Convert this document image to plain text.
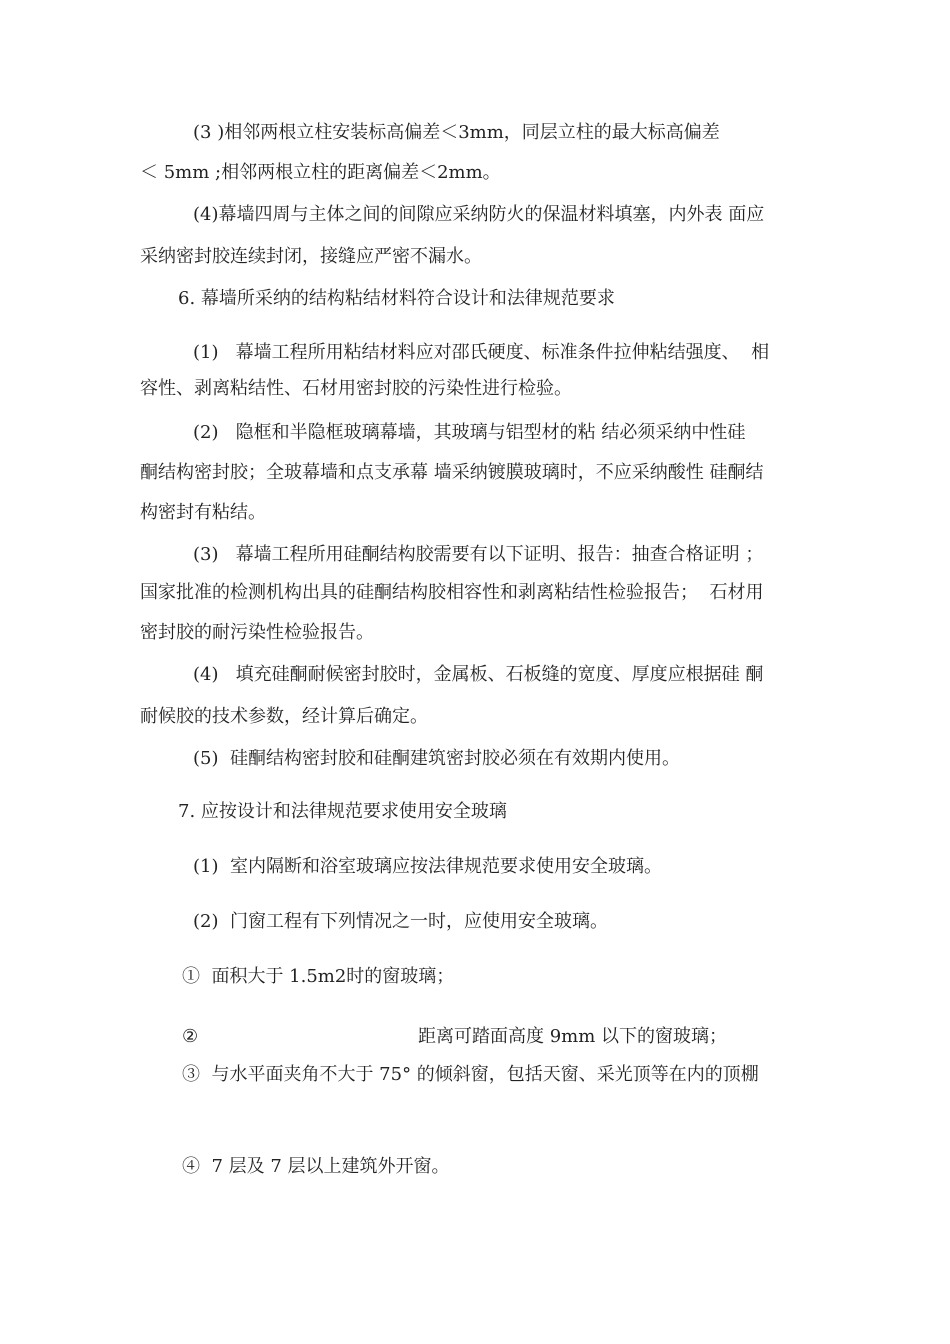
(3 )相邻两根立柱安装标高偏差＜3mm，同层立柱的最大标高偏差

＜ 5mm ;相邻两根立柱的距离偏差＜2mm。

(4)幕墙四周与主体之间的间隙应采纳防火的保温材料填塞，内外表 面应

采纳密封胶连续封闭，接缝应严密不漏水。

6. 幕墙所采纳的结构粘结材料符合设计和法律规范要求

(1)   幕墙工程所用粘结材料应对邵氏硬度、标准条件拉伸粘结强度、  相

容性、剥离粘结性、石材用密封胶的污染性进行检验。

(2)   隐框和半隐框玻璃幕墙，其玻璃与铝型材的粘 结必须采纳中性硅

酮结构密封胶；全玻幕墙和点支承幕 墙采纳镀膜玻璃时，不应采纳酸性 硅酮结

构密封有粘结。

(3)   幕墙工程所用硅酮结构胶需要有以下证明、报告：抽查合格证明 ；

国家批准的检测机构出具的硅酮结构胶相容性和剥离粘结性检验报告；  石材用

密封胶的耐污染性检验报告。

(4)   填充硅酮耐候密封胶时，金属板、石板缝的宽度、厚度应根据硅 酮

耐候胶的技术参数，经计算后确定。

(5)  硅酮结构密封胶和硅酮建筑密封胶必须在有效期内使用。

7. 应按设计和法律规范要求使用安全玻璃

(1)  室内隔断和浴室玻璃应按法律规范要求使用安全玻璃。

(2)  门窗工程有下列情况之一时，应使用安全玻璃。

①  面积大于 1.5m2时的窗玻璃；

②	距离可踏面高度 9mm 以下的窗玻璃；

③  与水平面夹角不大于 75° 的倾斜窗，包括天窗、采光顶等在内的顶棚

④  7 层及 7 层以上建筑外开窗。
